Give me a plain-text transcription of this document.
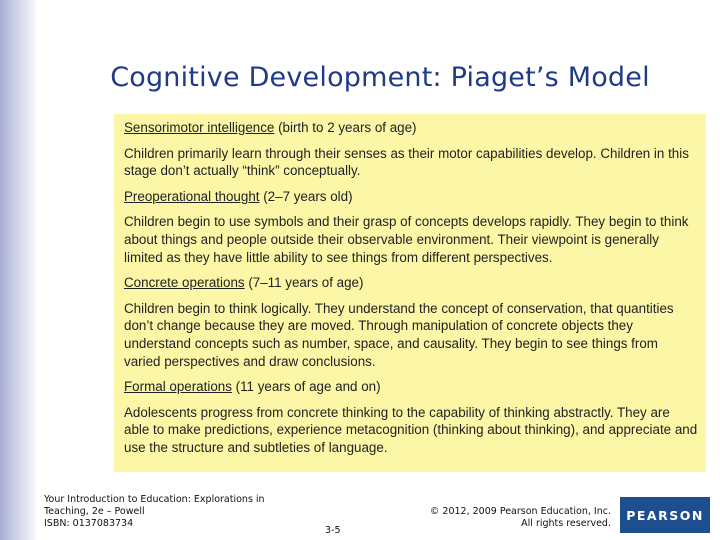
Cognitive Development: Piaget’s Model
Sensorimotor intelligence (birth to 2 years of age)
Children primarily learn through their senses as their motor capabilities develop. Children in this stage don’t actually “think” conceptually.
Preoperational thought (2–7 years old)
Children begin to use symbols and their grasp of concepts develops rapidly. They begin to think about things and people outside their observable environment. Their viewpoint is generally limited as they have little ability to see things from different perspectives.
Concrete operations (7–11 years of age)
Children begin to think logically. They understand the concept of conservation, that quantities don’t change because they are moved. Through manipulation of concrete objects they understand concepts such as number, space, and causality. They begin to see things from varied perspectives and draw conclusions.
Formal operations (11 years of age and on)
Adolescents progress from concrete thinking to the capability of thinking abstractly. They are able to make predictions, experience metacognition (thinking about thinking), and appreciate and use the structure and subtleties of language.
Your Introduction to Education: Explorations in
Teaching, 2e – Powell
ISBN: 0137083734
3-5
© 2012, 2009 Pearson Education, Inc.
All rights reserved.
PEARSON
